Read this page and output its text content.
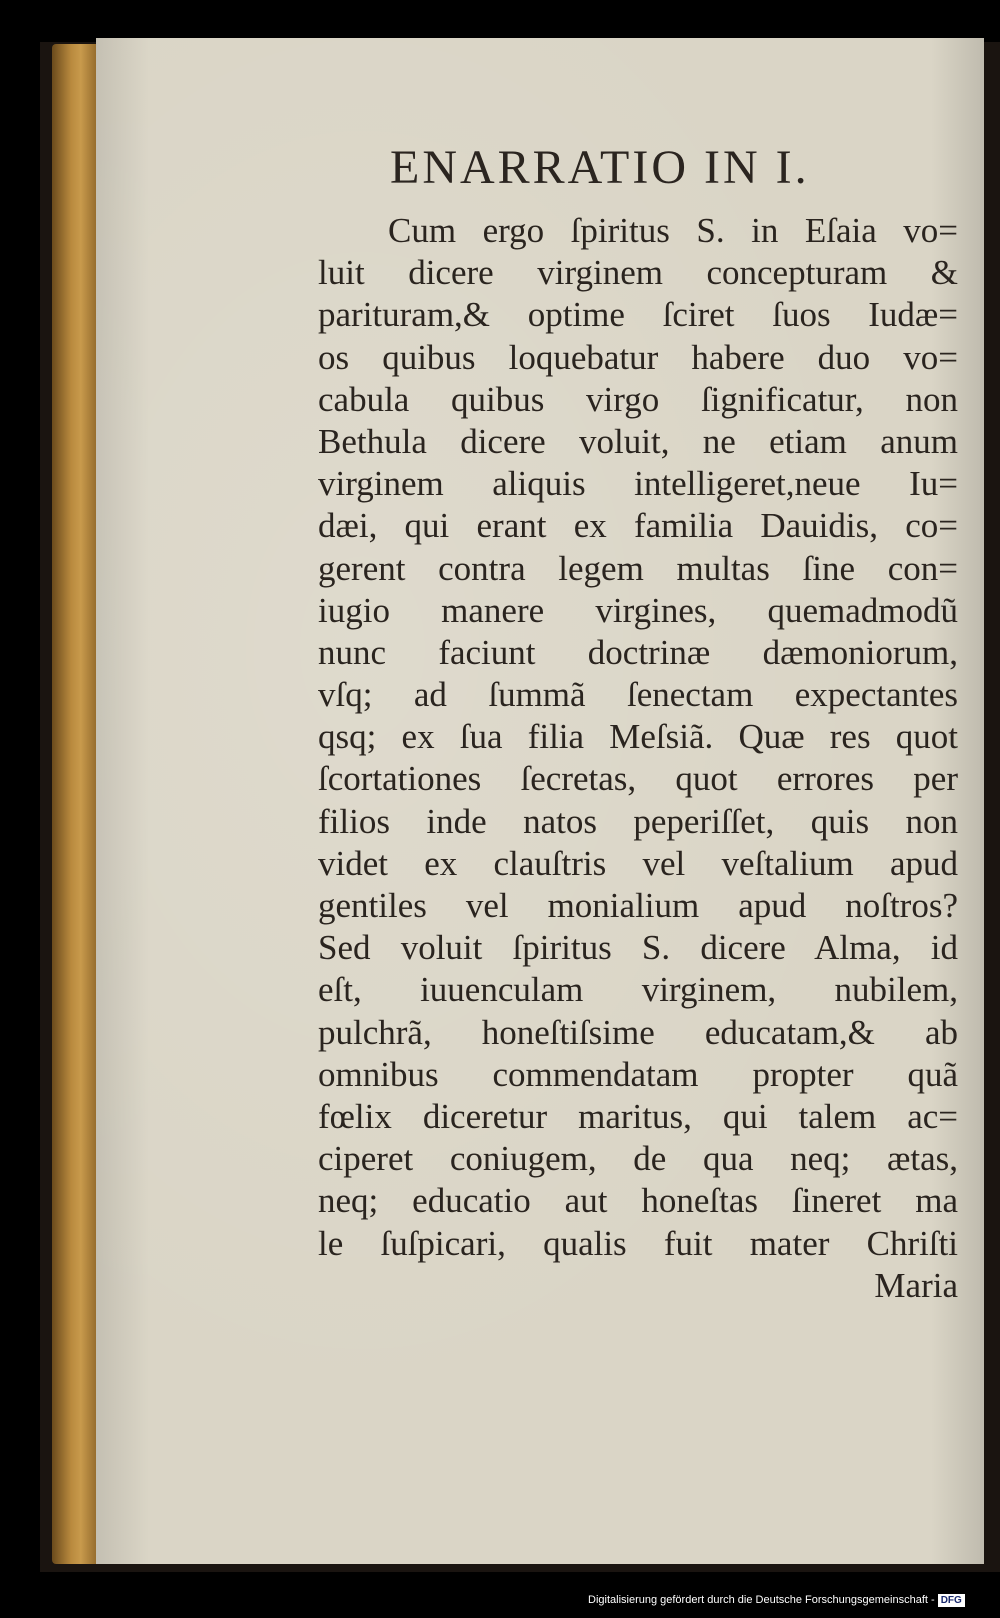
ENARRATIO IN I.
Cum ergo ſpiritus S. in Eſaia vo=
luit dicere virginem concepturam &
parituram,& optime ſciret ſuos Iudæ=
os quibus loquebatur habere duo vo=
cabula quibus virgo ſignificatur, non
Bethula dicere voluit, ne etiam anum
virginem aliquis intelligeret,neue Iu=
dæi, qui erant ex familia Dauidis, co=
gerent contra legem multas ſine con=
iugio manere virgines, quemadmodũ
nunc faciunt doctrinæ dæmoniorum,
vſq; ad ſummã ſenectam expectantes
qsq; ex ſua filia Meſsiã. Quæ res quot
ſcortationes ſecretas, quot errores per
filios inde natos peperiſſet, quis non
videt ex clauſtris vel veſtalium apud
gentiles vel monialium apud noſtros?
Sed voluit ſpiritus S. dicere Alma, id
eſt, iuuenculam virginem, nubilem,
pulchrã, honeſtiſsime educatam,& ab
omnibus commendatam propter quã
fœlix diceretur maritus, qui talem ac=
ciperet coniugem, de qua neq; ætas,
neq; educatio aut honeſtas ſineret ma
le ſuſpicari, qualis fuit mater Chriſti
Maria
Digitalisierung gefördert durch die Deutsche Forschungsgemeinschaft - DFG
